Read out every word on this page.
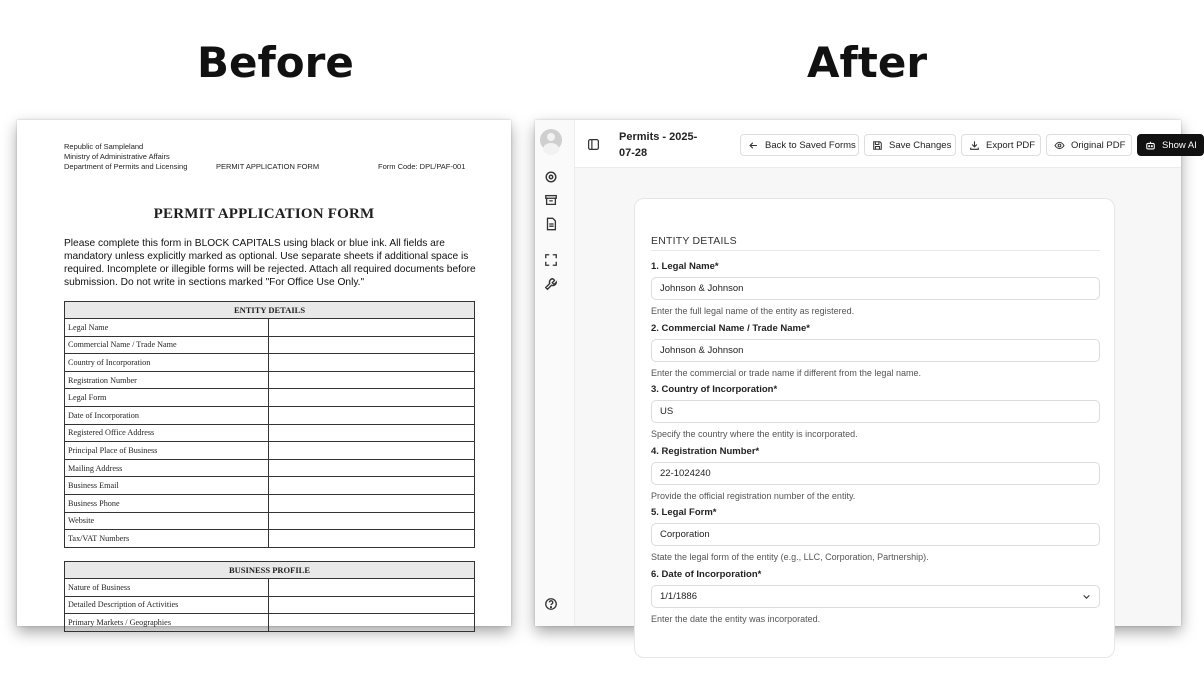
Before	After
Republic of Sampleland
Ministry of Administrative Affairs
Department of Permits and Licensing	PERMIT APPLICATION FORM	Form Code: DPL/PAF-001
PERMIT APPLICATION FORM
Please complete this form in BLOCK CAPITALS using black or blue ink. All fields are mandatory unless explicitly marked as optional. Use separate sheets if additional space is required. Incomplete or illegible forms will be rejected. Attach all required documents before submission. Do not write in sections marked "For Office Use Only."
ENTITY DETAILS	
Legal Name	
Commercial Name / Trade Name	
Country of Incorporation	
Registration Number	
Legal Form	
Date of Incorporation	
Registered Office Address	
Principal Place of Business	
Mailing Address	
Business Email	
Business Phone	
Website	
Tax/VAT Numbers	
BUSINESS PROFILE	
Nature of Business	
Detailed Description of Activities	
Primary Markets / Geographies	
Permits - 2025-07-28
Back to Saved Forms	Save Changes	Export PDF	Original PDF	Show AI
ENTITY DETAILS
1. Legal Name*
Johnson & Johnson
Enter the full legal name of the entity as registered.
2. Commercial Name / Trade Name*
Johnson & Johnson
Enter the commercial or trade name if different from the legal name.
3. Country of Incorporation*
US
Specify the country where the entity is incorporated.
4. Registration Number*
22-1024240
Provide the official registration number of the entity.
5. Legal Form*
Corporation
State the legal form of the entity (e.g., LLC, Corporation, Partnership).
6. Date of Incorporation*
1/1/1886
Enter the date the entity was incorporated.
